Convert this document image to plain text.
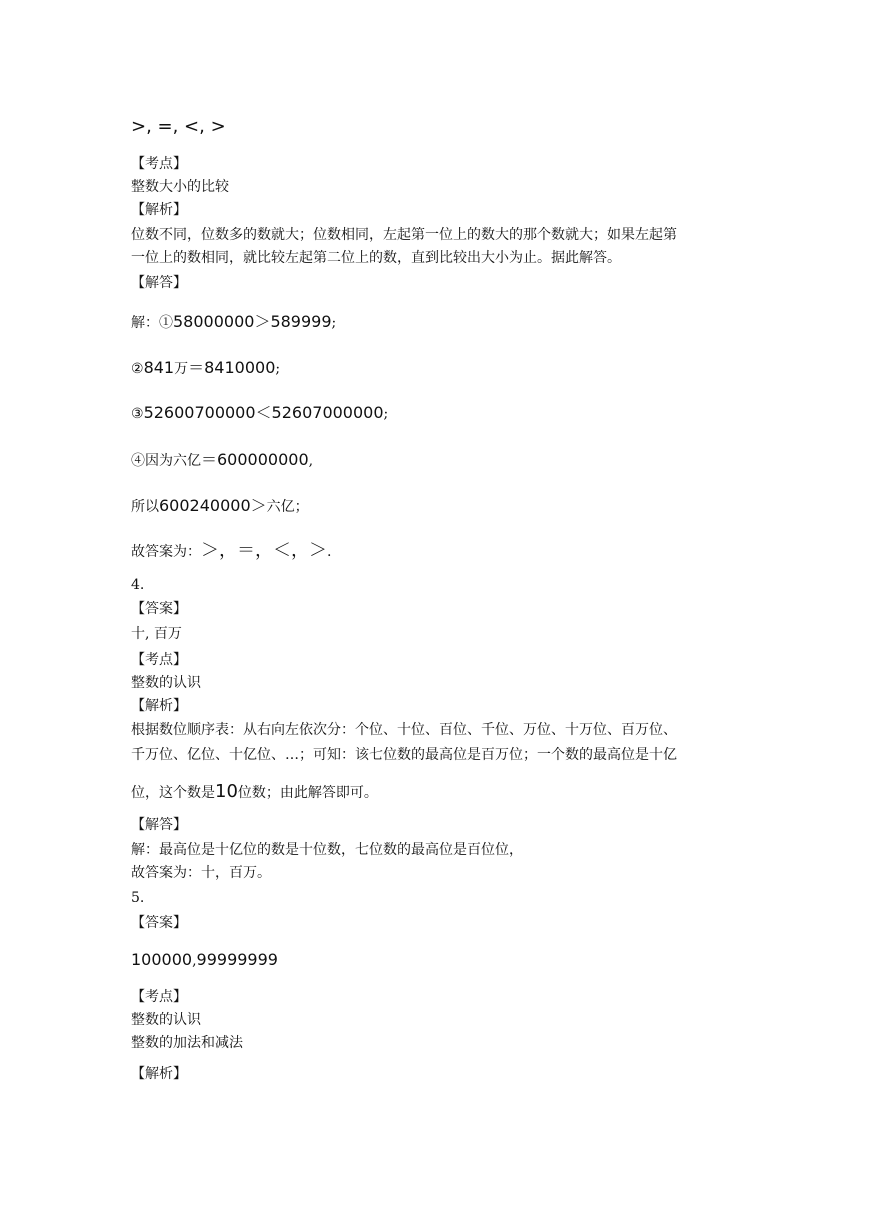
>, =, <, >
【考点】
整数大小的比较
【解析】
位数不同，位数多的数就大；位数相同，左起第一位上的数大的那个数就大；如果左起第
一位上的数相同，就比较左起第二位上的数，直到比较出大小为止。据此解答。
【解答】
解：①58000000＞589999;
②841万＝8410000;
③52600700000＜52607000000;
④因为六亿＝600000000,
所以600240000＞六亿；
故答案为：＞，＝，＜，＞.
4.
【答案】
十, 百万
【考点】
整数的认识
【解析】
根据数位顺序表：从右向左依次分：个位、十位、百位、千位、万位、十万位、百万位、
千万位、亿位、十亿位、…；可知：该七位数的最高位是百万位；一个数的最高位是十亿
位，这个数是10位数；由此解答即可。
【解答】
解：最高位是十亿位的数是十位数，七位数的最高位是百位位，
故答案为：十，百万。
5.
【答案】
100000,99999999
【考点】
整数的认识
整数的加法和减法
【解析】
